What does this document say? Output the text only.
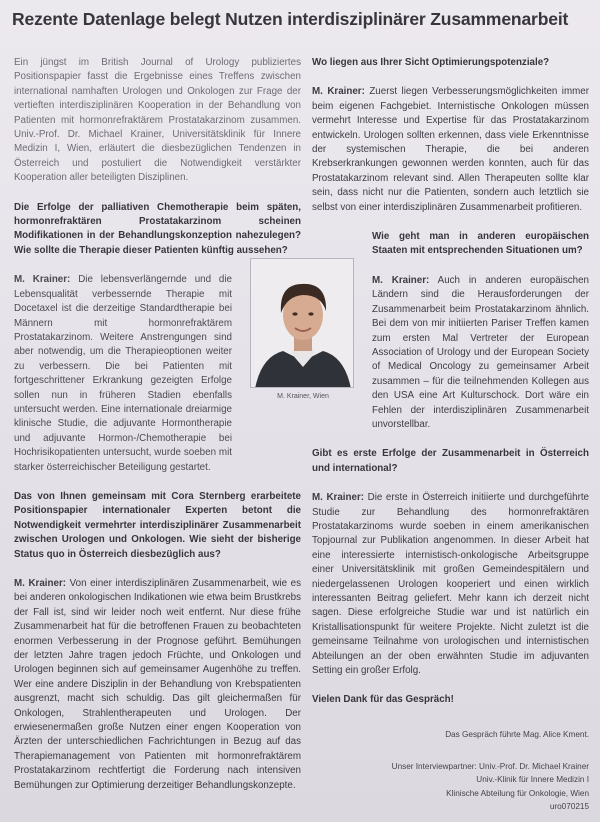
Rezente Datenlage belegt Nutzen interdisziplinärer Zusammenarbeit

Ein jüngst im British Journal of Urology publiziertes Positionspapier fasst die Ergebnisse eines Treffens zwischen international namhaften Urologen und Onkologen zur Frage der vertieften interdisziplinären Kooperation in der Behandlung von Patienten mit hormonrefraktärem Prostatakarzinom zusammen. Univ.-Prof. Dr. Michael Krainer, Universitätsklinik für Innere Medizin I, Wien, erläutert die diesbezüglichen Tendenzen in Österreich und postuliert die Notwendigkeit verstärkter Kooperation aller beteiligten Disziplinen.

Die Erfolge der palliativen Chemotherapie beim späten, hormonrefraktären Prostatakarzinom scheinen Modifikationen in der Behandlungskonzeption nahezulegen? Wie sollte die Therapie dieser Patienten künftig aussehen?

M. Krainer: Die lebensverlängernde und die Lebensqualität verbessernde Therapie mit Docetaxel ist die derzeitige Standardtherapie bei Männern mit hormonrefraktärem Prostatakarzinom. Weitere Anstrengungen sind aber notwendig, um die Therapieoptionen weiter zu verbessern. Die bei Patienten mit fortgeschrittener Erkrankung gezeigten Erfolge sollen nun in früheren Stadien ebenfalls untersucht werden. Eine internationale dreiarmige klinische Studie, die adjuvante Hormontherapie und adjuvante Hormon-/Chemotherapie bei Hochrisikopatienten untersucht, wurde soeben mit starker österreichischer Beteiligung gestartet.

Das von Ihnen gemeinsam mit Cora Sternberg erarbeitete Positionspapier internationaler Experten betont die Notwendigkeit vermehrter interdisziplinärer Zusammenarbeit zwischen Urologen und Onkologen. Wie sieht der bisherige Status quo in Österreich diesbezüglich aus?

M. Krainer: Von einer interdisziplinären Zusammenarbeit, wie es bei anderen onkologischen Indikationen wie etwa beim Brustkrebs der Fall ist, sind wir leider noch weit entfernt. Nur diese frühe Zusammenarbeit hat für die betroffenen Frauen zu beobachteten enormen Verbesserung in der Prognose geführt. Bemühungen der letzten Jahre tragen jedoch Früchte, und Onkologen und Urologen beginnen sich auf gemeinsamer Augenhöhe zu treffen. Wer eine andere Disziplin in der Behandlung von Krebspatienten ausgrenzt, macht sich schuldig. Das gilt gleichermaßen für Onkologen, Strahlentherapeuten und Urologen. Der erwiesenermaßen große Nutzen einer engen Kooperation von Ärzten der unterschiedlichen Fachrichtungen in Bezug auf das Therapiemanagement von Patienten mit hormonrefraktärem Prostatakarzinom rechtfertigt die Forderung nach intensiven Bemühungen zur Optimierung derzeitiger Behandlungskonzepte.

M. Krainer, Wien

Wo liegen aus Ihrer Sicht Optimierungspotenziale?

M. Krainer: Zuerst liegen Verbesserungsmöglichkeiten immer beim eigenen Fachgebiet. Internistische Onkologen müssen vermehrt Interesse und Expertise für das Prostatakarzinom entwickeln. Urologen sollten erkennen, dass viele Erkenntnisse der systemischen Therapie, die bei anderen Krebserkrankungen gewonnen werden konnten, auch für das Prostatakarzinom relevant sind. Allen Therapeuten sollte klar sein, dass nicht nur die Patienten, sondern auch letztlich sie selbst von einer interdisziplinären Zusammenarbeit profitieren.

Wie geht man in anderen europäischen Staaten mit entsprechenden Situationen um?

M. Krainer: Auch in anderen europäischen Ländern sind die Herausforderungen der Zusammenarbeit beim Prostatakarzinom ähnlich. Bei dem von mir initiierten Pariser Treffen kamen zum ersten Mal Vertreter der European Association of Urology und der European Society of Medical Oncology zu gemeinsamer Arbeit zusammen – für die teilnehmenden Kollegen aus den USA eine Art Kulturschock. Dort wäre ein Fehlen der interdisziplinären Zusammenarbeit unvorstellbar.

Gibt es erste Erfolge der Zusammenarbeit in Österreich und international?

M. Krainer: Die erste in Österreich initiierte und durchgeführte Studie zur Behandlung des hormonrefraktären Prostatakarzinoms wurde soeben in einem amerikanischen Topjournal zur Publikation angenommen. In dieser Arbeit hat eine interessierte internistisch-onkologische Arbeitsgruppe einer Universitätsklinik mit großen Gemeindespitälern und niedergelassenen Urologen kooperiert und einen wirklich interessanten Beitrag geliefert. Mehr kann ich derzeit nicht sagen. Diese erfolgreiche Studie war und ist natürlich ein Kristallisationspunkt für weitere Projekte. Nicht zuletzt ist die gemeinsame Teilnahme von urologischen und internistischen Abteilungen an der oben erwähnten Studie im adjuvanten Setting ein großer Erfolg.

Vielen Dank für das Gespräch!

Das Gespräch führte Mag. Alice Kment.

Unser Interviewpartner: Univ.-Prof. Dr. Michael Krainer
Univ.-Klinik für Innere Medizin I
Klinische Abteilung für Onkologie, Wien
uro070215
